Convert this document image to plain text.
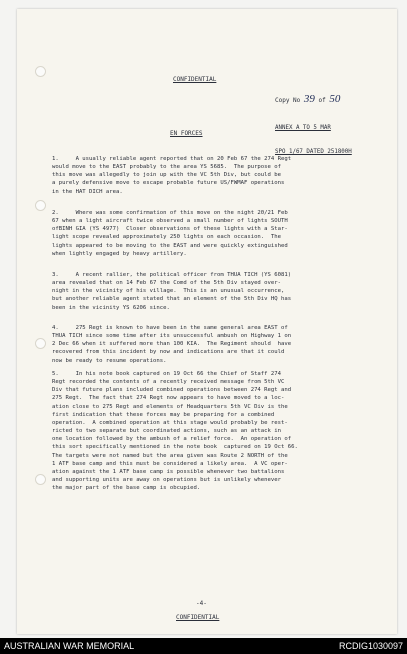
CONFIDENTIAL
Copy No 39 of 50

ANNEX A TO 5 MAR

SPO 1/67 DATED 251800H

EN FORCES
1.     A usually reliable agent reported that on 20 Feb 67 the 274 Regt
would move to the EAST probably to the area YS 5685.  The purpose of
this move was allegedly to join up with the VC 5th Div, but could be
a purely defensive move to escape probable future US/FWMAF operations
in the HAT DICH area.
2.     Where was some confirmation of this move on the night 20/21 Feb
67 when a light aircraft twice observed a small number of lights SOUTH
ofBINH GIA (YS 4977)  Closer observations of these lights with a Star-
light scope revealed approximately 250 lights on each occasion.  The
lights appeared to be moving to the EAST and were quickly extinguished
when lightly engaged by heavy artillery.
3.     A recent rallier, the political officer from THUA TICH (YS 6081)
area revealed that on 14 Feb 67 the Comd of the 5th Div stayed over-
night in the vicinity of his village.  This is an unusual occurrence,
but another reliable agent stated that an element of the 5th Div HQ has
been in the vicinity YS 6206 since.
4.     275 Regt is known to have been in the same general area EAST of
THUA TICH since some time after its unsuccessful ambush on Highway 1 on
2 Dec 66 when it suffered more than 100 KIA.  The Regiment should  have
recovered from this incident by now and indications are that it could
now be ready to resume operations.
5.     In his note book captured on 19 Oct 66 the Chief of Staff 274
Regt recorded the contents of a recently received message from 5th VC
Div that future plans included combined operations between 274 Regt and
275 Regt.  The fact that 274 Regt now appears to have moved to a loc-
ation close to 275 Regt and elements of Headquarters 5th VC Div is the
first indication that these forces may be preparing for a combined
operation.  A combined operation at this stage would probably be rest-
ricted to two separate but coordinated actions, such as an attack in
one location followed by the ambush of a relief force.  An operation of
this sort specifically mentioned in the note book  captured on 19 Oct 66.
The targets were not named but the area given was Route 2 NORTH of the
1 ATF base camp and this must be considered a likely area.  A VC oper-
ation against the 1 ATF base camp is possible whenever two battalions
and supporting units are away on operations but is unlikely whenever
the major part of the base camp is obcupied.
-4-
CONFIDENTIAL
AUSTRALIAN WAR MEMORIAL	RCDIG1030097
